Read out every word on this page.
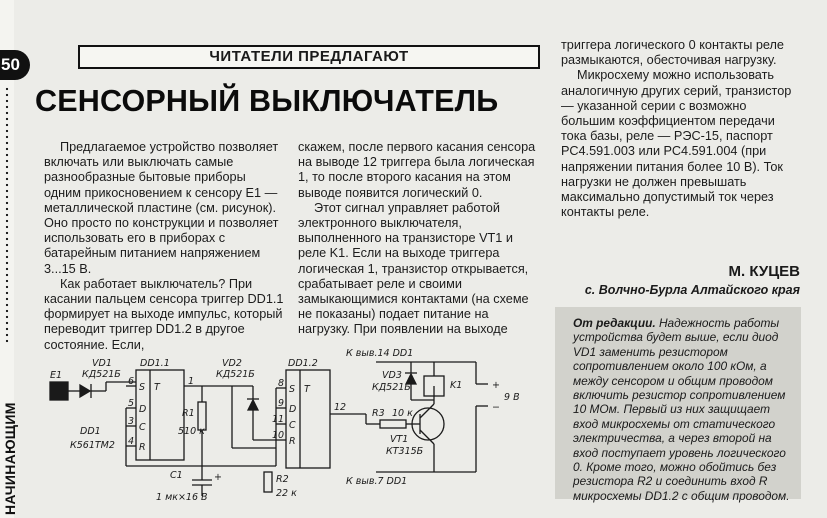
50
НАЧИНАЮЩИМ
ЧИТАТЕЛИ ПРЕДЛАГАЮТ
СЕНСОРНЫЙ ВЫКЛЮЧАТЕЛЬ

Предлагаемое устройство позволяет включать или выключать самые разнообразные бытовые приборы одним прикосновением к сенсору E1 — металлической пластине (см. рисунок). Оно просто по конструкции и позволяет использовать его в приборах с батарейным питанием напряжением 3...15 В.

Как работает выключатель? При касании пальцем сенсора триггер DD1.1 формирует на выходе импульс, который переводит триггер DD1.2 в другое состояние. Если,

скажем, после первого касания сенсора на выводе 12 триггера была логическая 1, то после второго касания на этом выводе появится логический 0.

Этот сигнал управляет работой электронного выключателя, выполненного на транзисторе VT1 и реле K1. Если на выходе триггера логическая 1, транзистор открывается, срабатывает реле и своими замыкающимися контактами (на схеме не показаны) подает питание на нагрузку. При появлении на выходе

триггера логического 0 контакты реле размыкаются, обесточивая нагрузку.

Микросхему можно использовать аналогичную других серий, транзистор — указанной серии с возможно большим коэффициентом передачи тока базы, реле — РЭС-15, паспорт РС4.591.003 или РС4.591.004 (при напряжении питания более 10 В). Ток нагрузки не должен превышать максимально допустимый ток через контакты реле.

М. КУЦЕВ
с. Волчно-Бурла Алтайского края
От редакции. Надежность работы устройства будет выше, если диод VD1 заменить резистором сопротивлением около 100 кОм, а между сенсором и общим проводом включить резистор сопротивлением 10 МОм. Первый из них защищает вход микросхемы от статического электричества, а через второй на вход поступает уровень логического 0. Кроме того, можно обойтись без резистора R2 и соединить вход R микросхемы DD1.2 с общим проводом.
E1
VD1
КД521Б
DD1.1
DD1
К561ТМ2
S T
D
C
R
6
5
3
4
1
R1
510 к
VD2
КД521Б
C1
1 мк×16 В
+
DD1.2
S T
D
C
R
8
9
11
10
12
R2
22 к
R3 10 к
VD3
КД521Б	K1
VT1
КТ315Б
К выв.14 DD1
К выв.7 DD1
+
−
9 В
